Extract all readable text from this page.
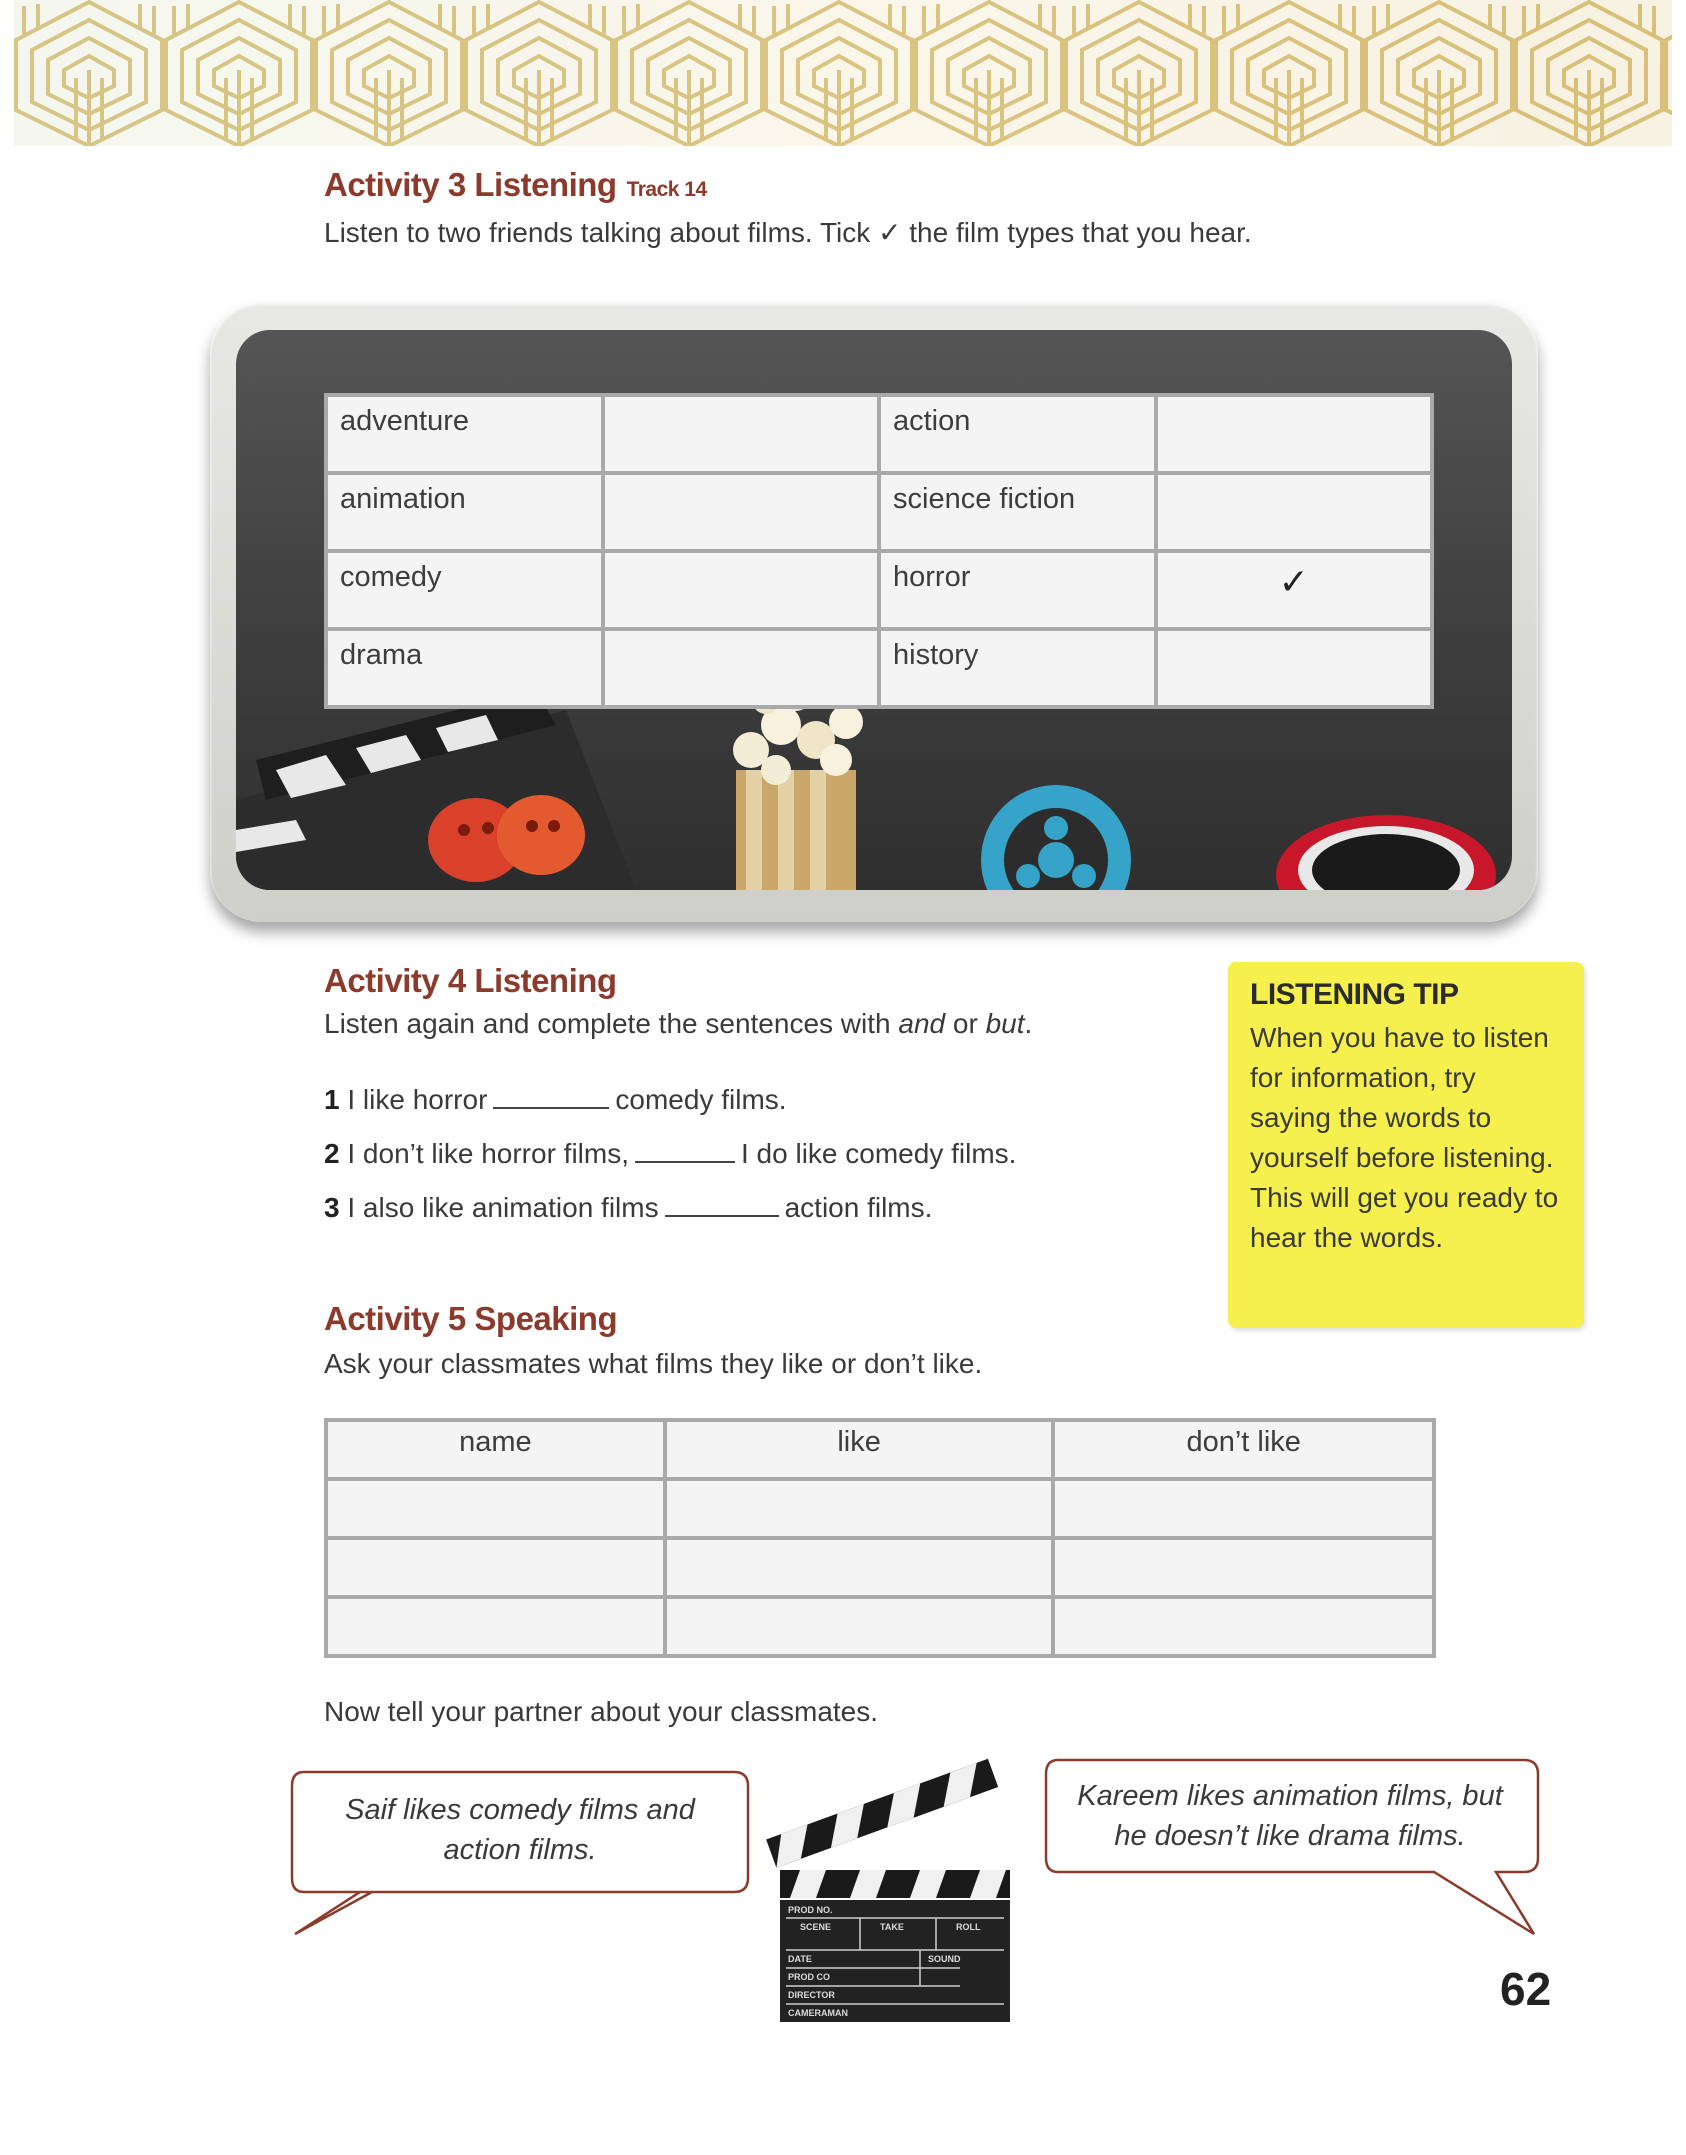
Activity 3 Listening Track 14
Listen to two friends talking about films. Tick ✓ the film types that you hear.
adventure		action	
animation		science fiction	
comedy		horror	✓
drama		history	
Activity 4 Listening
Listen again and complete the sentences with and or but.
1 I like horror	comedy films.
2 I don’t like horror films,	I do like comedy films.
3 I also like animation films	action films.
LISTENING TIP
When you have to listen for information, try saying the words to yourself before listening. This will get you ready to hear the words.
Activity 5 Speaking
Ask your classmates what films they like or don’t like.
name	like	don’t like

Now tell your partner about your classmates.
Saif likes comedy films and action films.
Kareem likes animation films, but he doesn’t like drama films.
PROD NO.
SCENE	TAKE	ROLL
DATE	SOUND
PROD CO
DIRECTOR
CAMERAMAN	62
